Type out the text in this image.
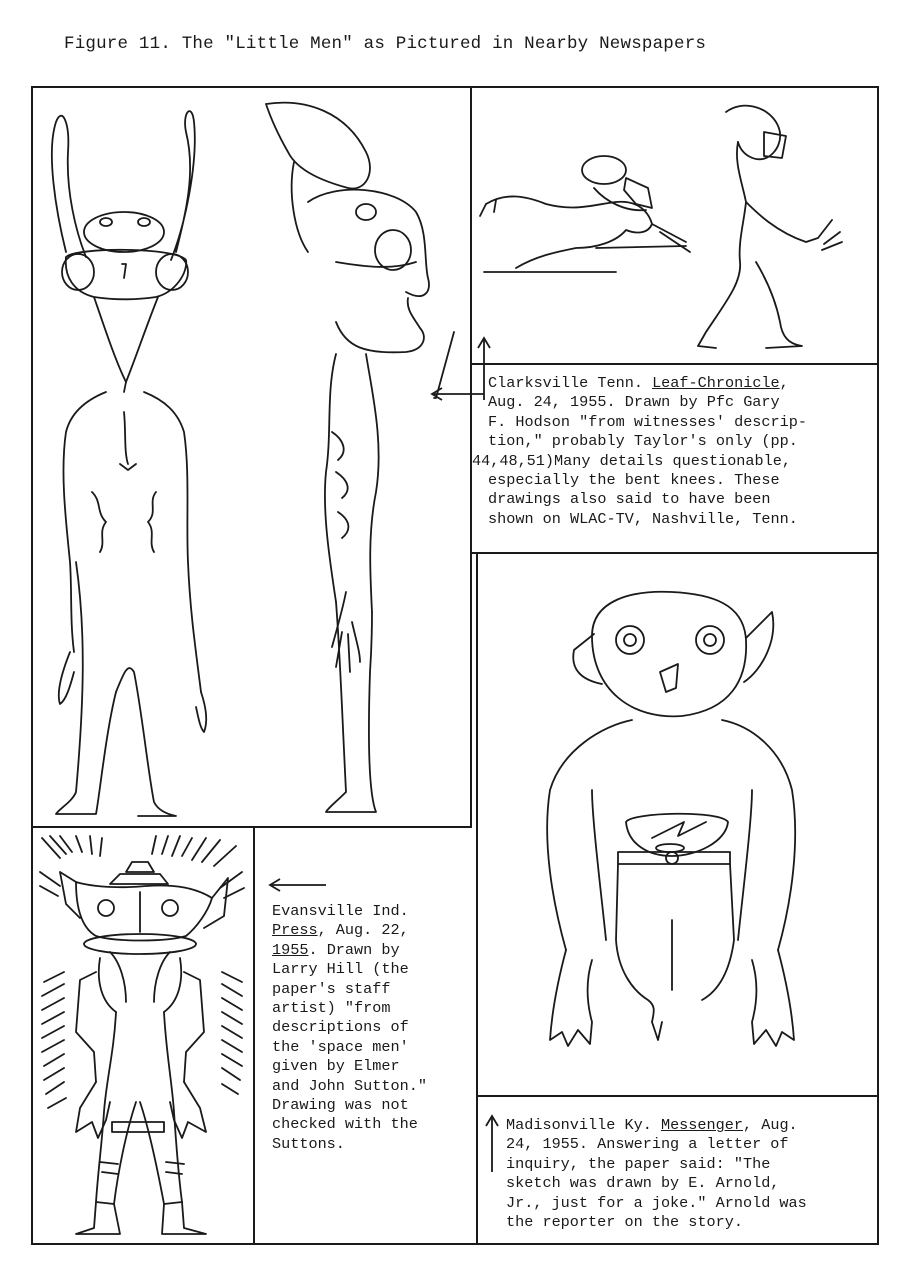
Figure 11. The "Little Men" as Pictured in Nearby Newspapers
Clarksville Tenn. Leaf-Chronicle,
Aug. 24, 1955. Drawn by Pfc Gary
F. Hodson "from witnesses' descrip-
tion," probably Taylor's only (pp.
44,48,51)Many details questionable,
especially the bent knees. These
drawings also said to have been
shown on WLAC-TV, Nashville, Tenn.
Madisonville Ky. Messenger, Aug.
24, 1955. Answering a letter of
inquiry, the paper said: "The
sketch was drawn by E. Arnold,
Jr., just for a joke." Arnold was
the reporter on the story.
Evansville Ind.
Press, Aug. 22,
1955. Drawn by
Larry Hill (the
paper's staff
artist) "from
descriptions of
the 'space men'
given by Elmer
and John Sutton."
Drawing was not
checked with the
Suttons.
